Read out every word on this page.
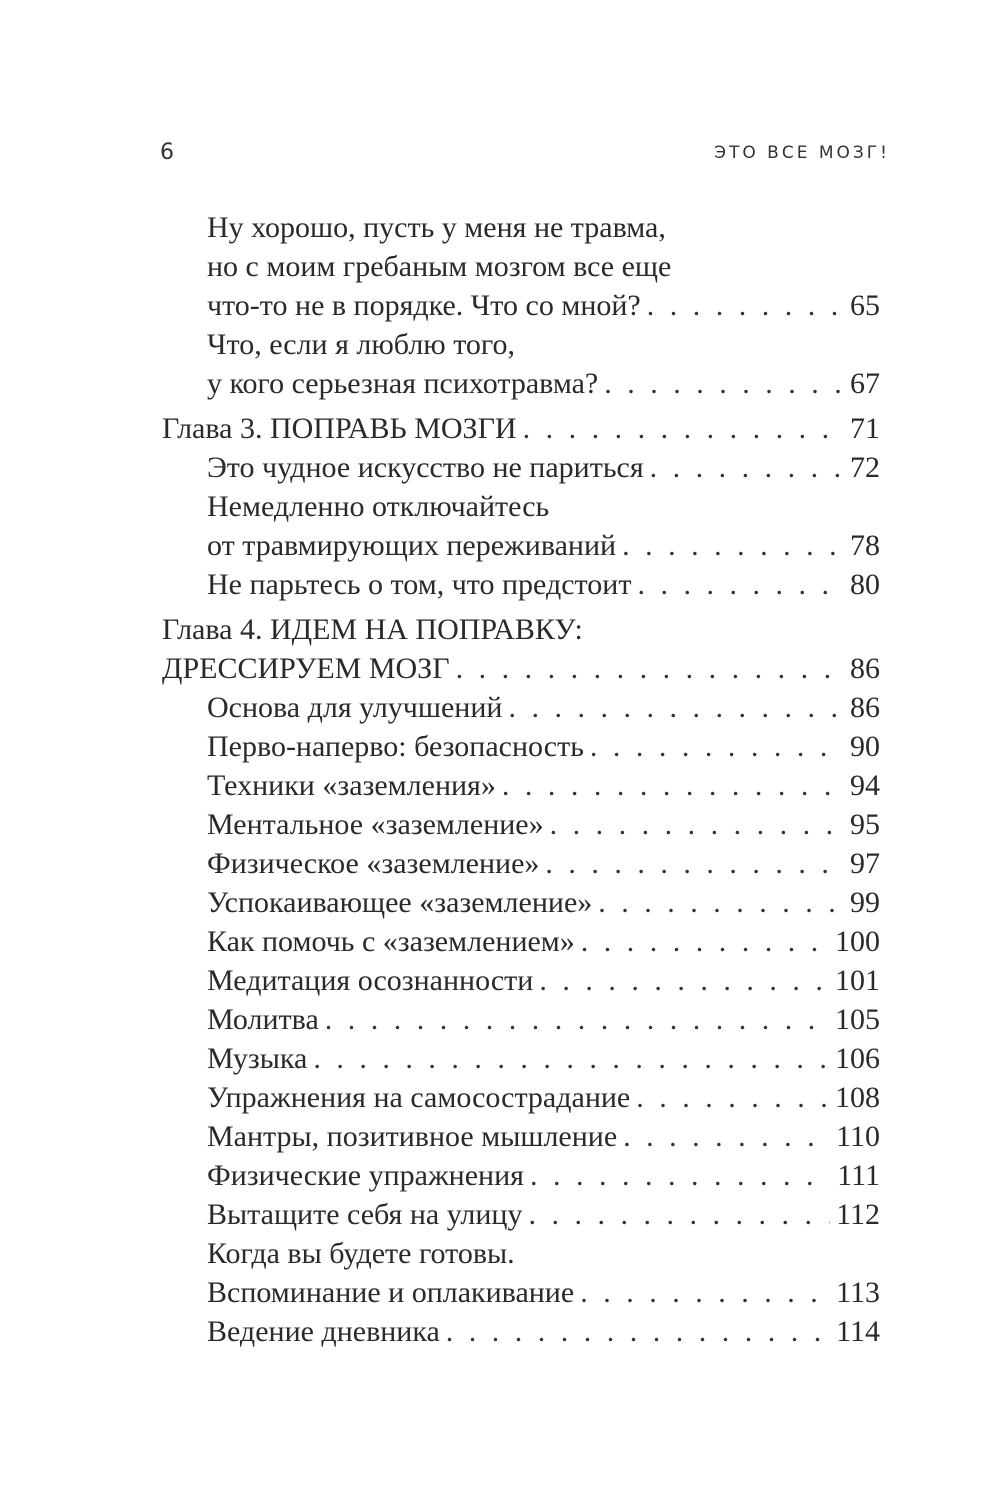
6	ЭТО ВСЕ МОЗГ!
Ну хорошо, пусть у меня не травма,
но с моим гребаным мозгом все еще
что-то не в порядке. Что со мной? . . .	65
Что, если я люблю того,
у кого серьезная психотравма? . . .	67
Глава 3. ПОПРАВЬ МОЗГИ . . .	71
Это чудное искусство не париться . . .	72
Немедленно отключайтесь
от травмирующих переживаний . . .	78
Не парьтесь о том, что предстоит . . .	80
Глава 4. ИДЕМ НА ПОПРАВКУ:
ДРЕССИРУЕМ МОЗГ . . .	86
Основа для улучшений . . .	86
Перво-наперво: безопасность . . .	90
Техники «заземления» . . .	94
Ментальное «заземление» . . .	95
Физическое «заземление» . . .	97
Успокаивающее «заземление» . . .	99
Как помочь с «заземлением» . . .	100
Медитация осознанности . . .	101
Молитва . . .	105
Музыка . . .	106
Упражнения на самосострадание . . .	108
Мантры, позитивное мышление . . .	110
Физические упражнения . . .	111
Вытащите себя на улицу . . .	112
Когда вы будете готовы.
Вспоминание и оплакивание . . .	113
Ведение дневника . . .	114
